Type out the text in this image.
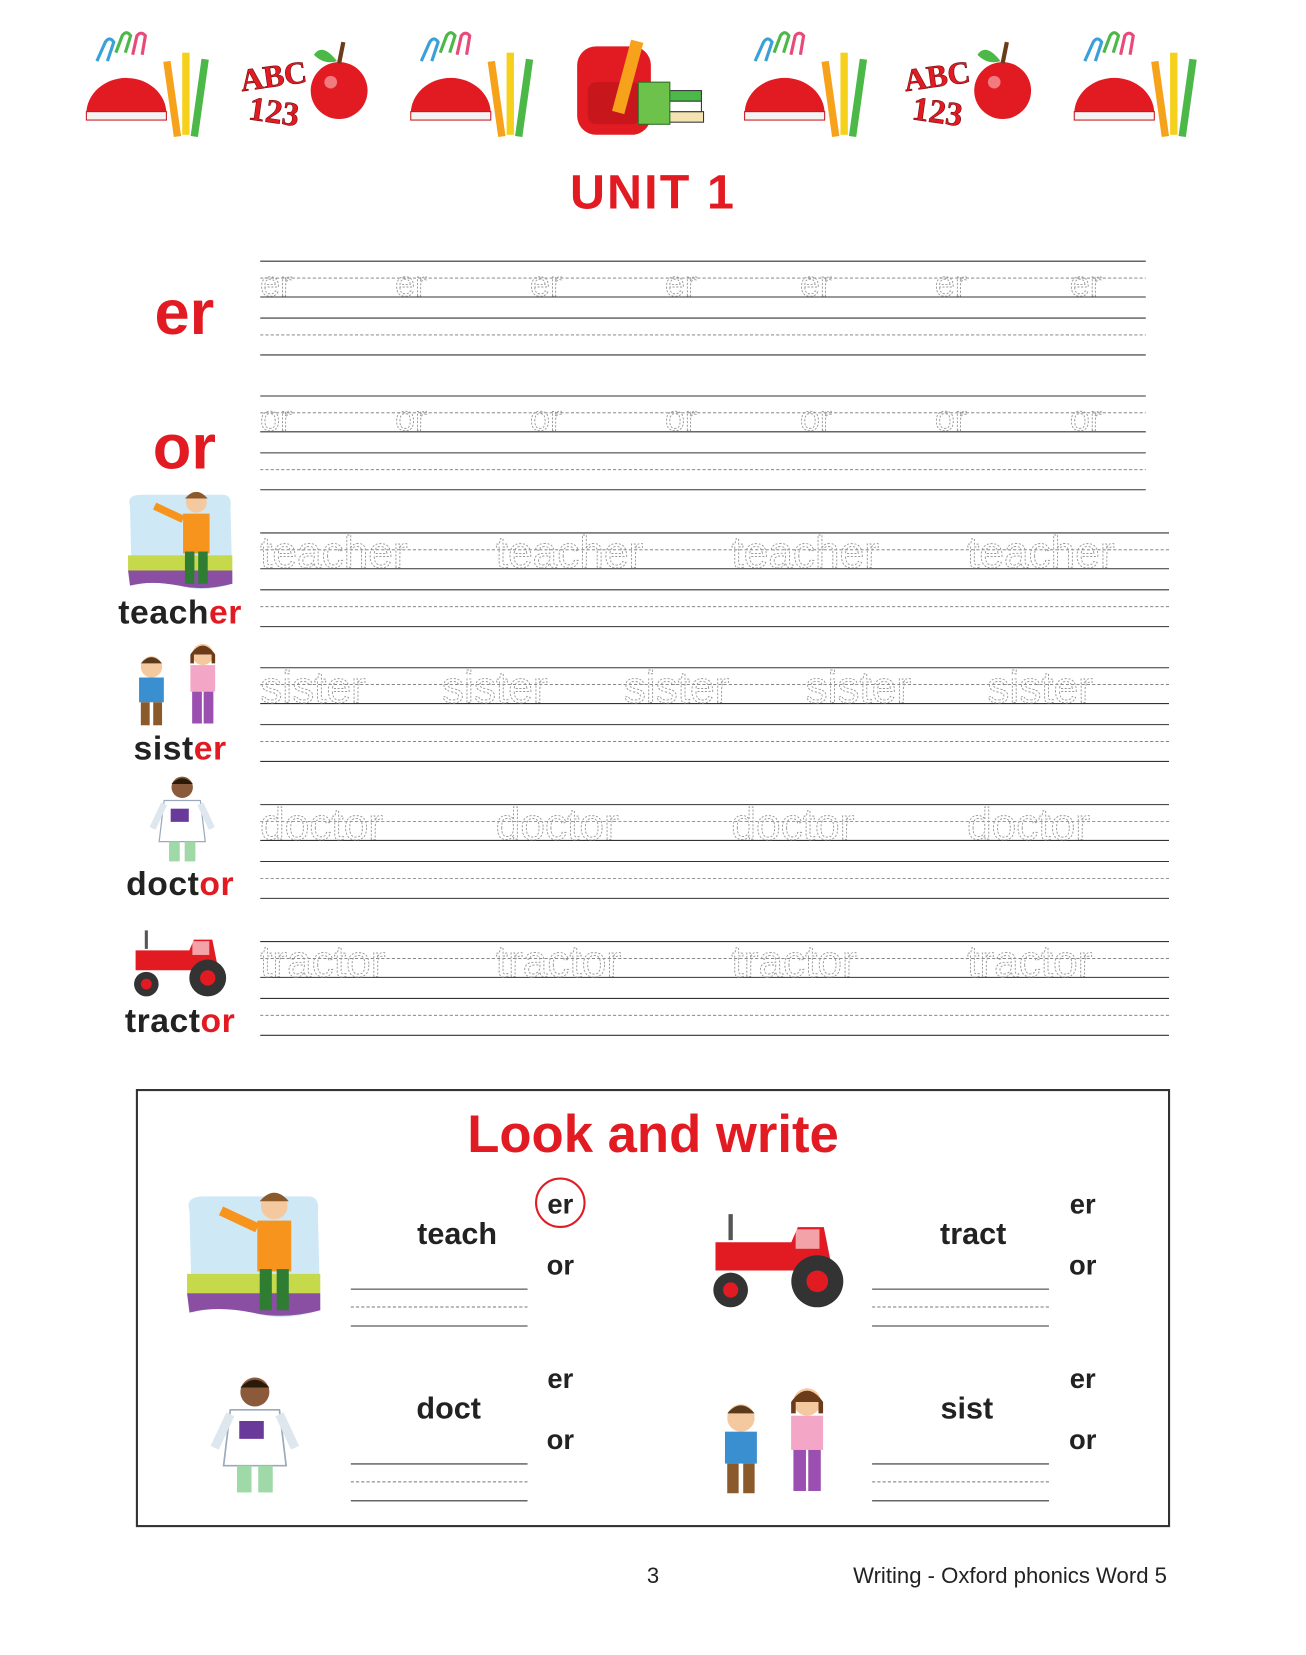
ABC
123
ABC
123
UNIT 1
er	er	er	er	er	er	er	er
or	or	or	or	or	or	or	or
teacher
teacher teacher teacher teacher
sister
sister sister sister sister sister
doctor
doctor	doctor	doctor	doctor
tractor
tractor	tractor	tractor	tractor
Look and write
teach
er
or
tract
er
or
doct
er
or
sist
er
or
3	Writing - Oxford phonics Word 5
